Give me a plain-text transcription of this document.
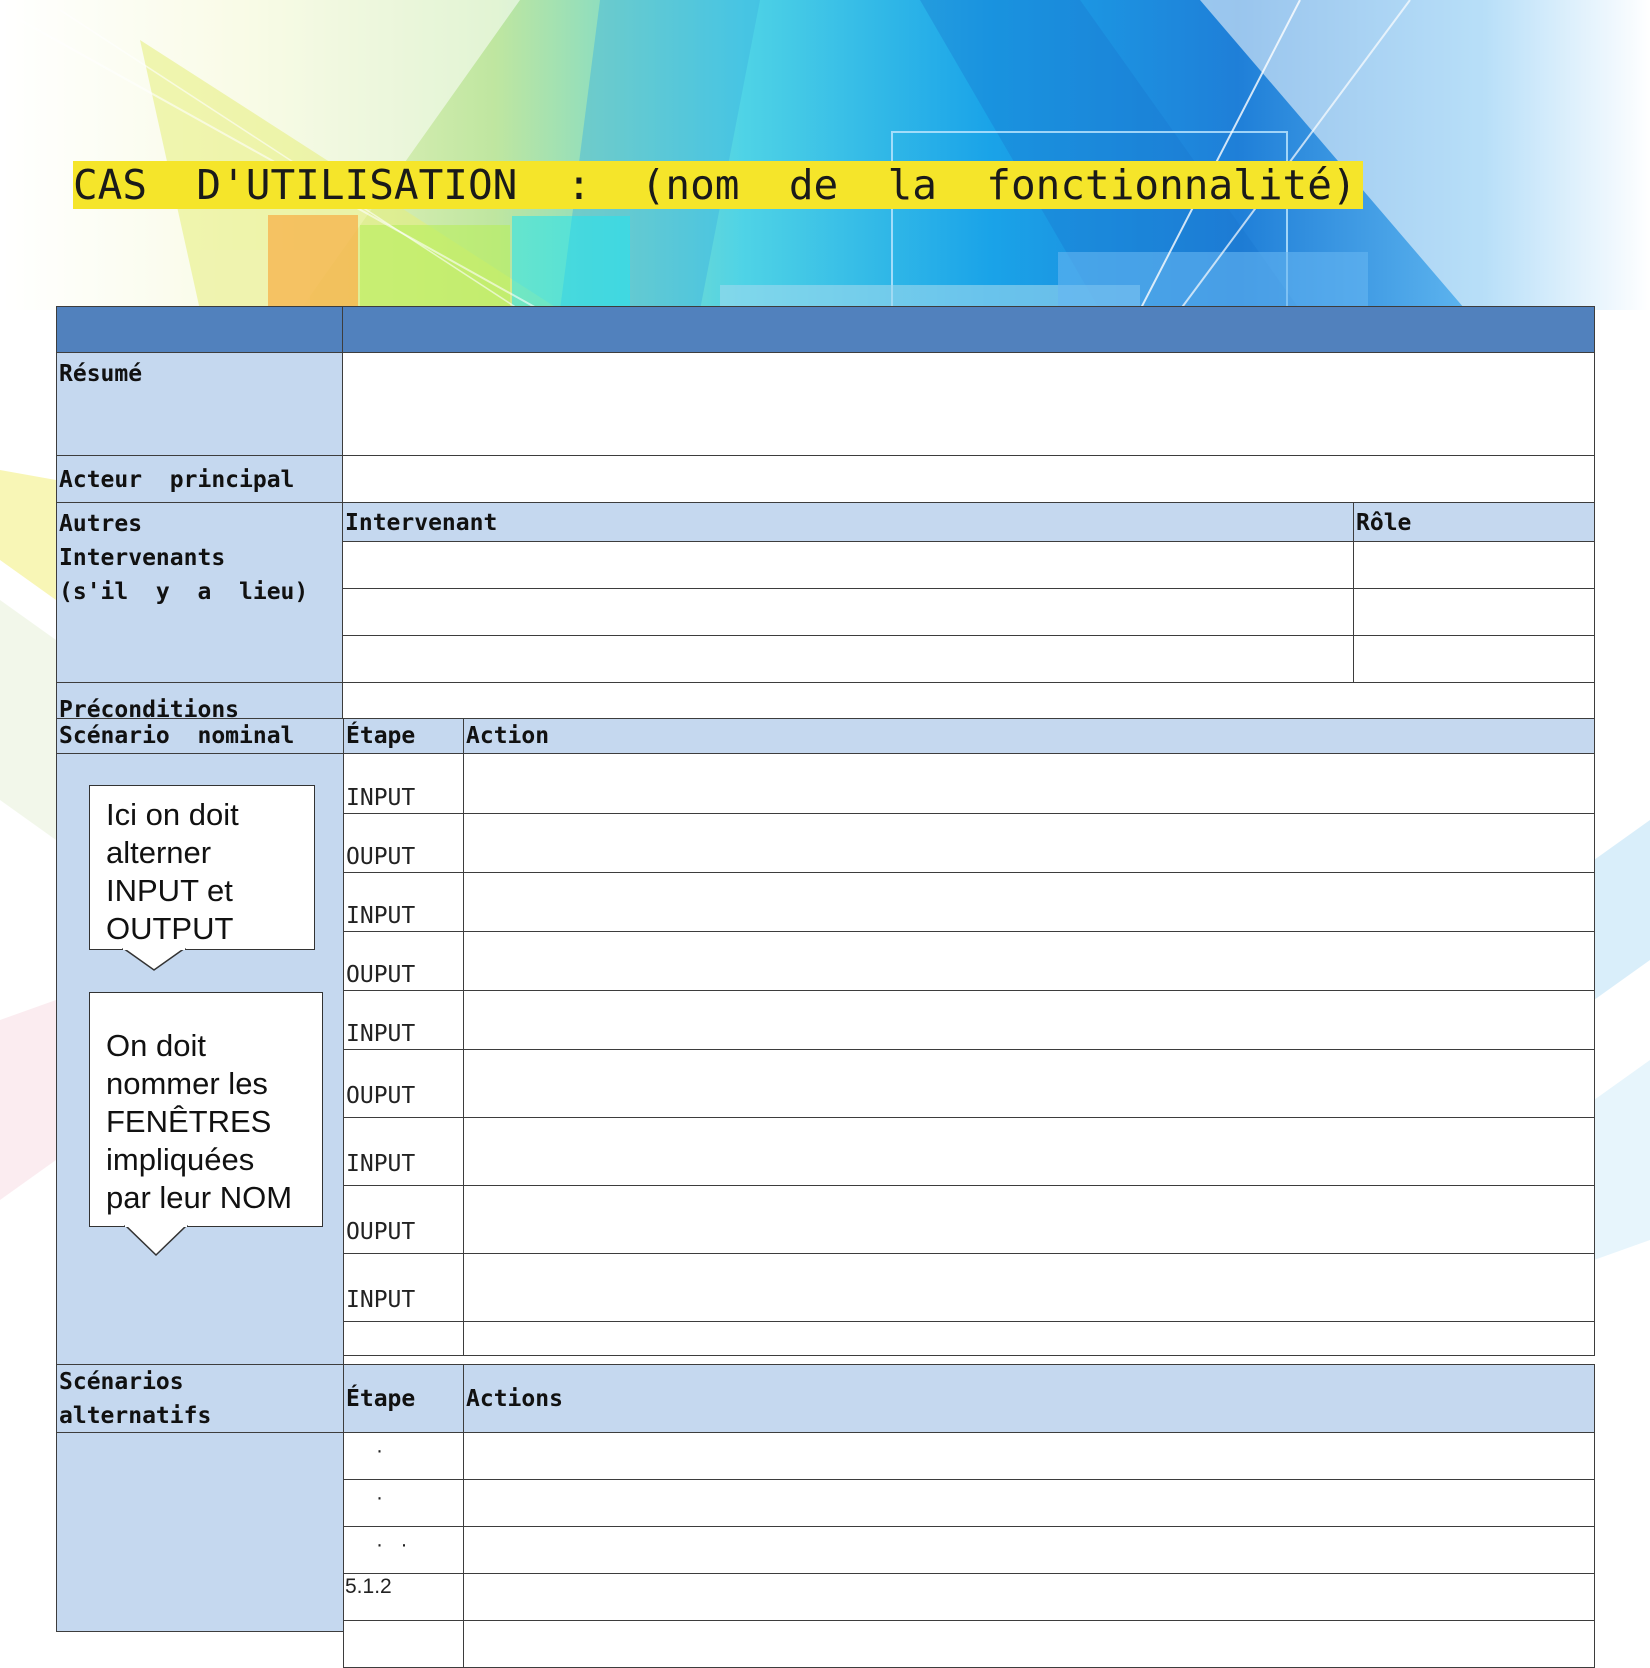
CAS  D'UTILISATION  :  (nom  de  la  fonctionnalité)
Résumé
Acteur  principal
Autres
Intervenants
(s'il  y  a  lieu)
Intervenant	Rôle
Préconditions
Scénario  nominal	Étape	Action
INPUT
OUPUT
INPUT
OUPUT
INPUT
OUPUT
INPUT
OUPUT
INPUT
Scénarios
alternatifs
Étape	Actions
·
·
·   ·
5.1.2
Ici on doit
alterner
INPUT et
OUTPUT
On doit
nommer les
FENÊTRES
impliquées
par leur NOM
